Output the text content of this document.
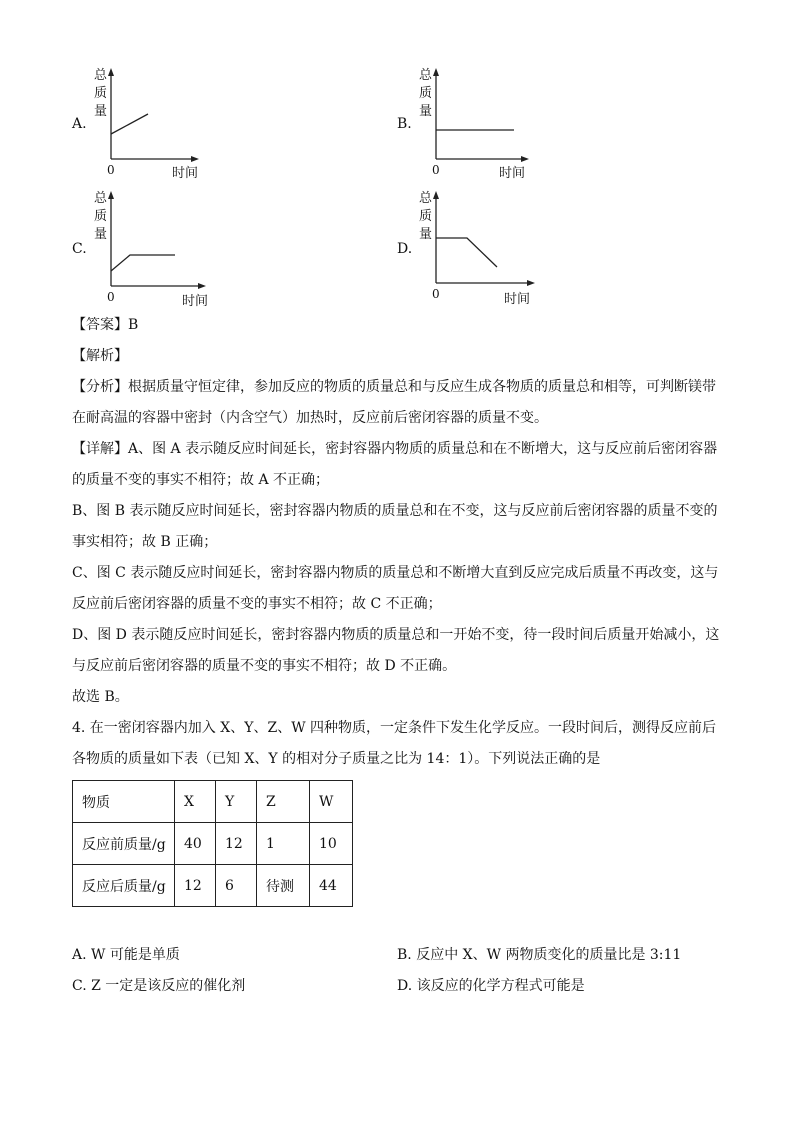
A.
总
质
量
0	时间
B.
总
质
量
0	时间
C.
总
质
量
0	时间
D.
总
质
量
0	时间
【答案】B
【解析】
【分析】根据质量守恒定律，参加反应的物质的质量总和与反应生成各物质的质量总和相等，可判断镁带
在耐高温的容器中密封（内含空气）加热时，反应前后密闭容器的质量不变。
【详解】A、图 A 表示随反应时间延长，密封容器内物质的质量总和在不断增大，这与反应前后密闭容器
的质量不变的事实不相符；故 A 不正确；
B、图 B 表示随反应时间延长，密封容器内物质的质量总和在不变，这与反应前后密闭容器的质量不变的
事实相符；故 B 正确；
C、图 C 表示随反应时间延长，密封容器内物质的质量总和不断增大直到反应完成后质量不再改变，这与
反应前后密闭容器的质量不变的事实不相符；故 C 不正确；
D、图 D 表示随反应时间延长，密封容器内物质的质量总和一开始不变，待一段时间后质量开始减小，这
与反应前后密闭容器的质量不变的事实不相符；故 D 不正确。
故选 B。
4. 在一密闭容器内加入 X、Y、Z、W 四种物质，一定条件下发生化学反应。一段时间后，测得反应前后
各物质的质量如下表（已知 X、Y 的相对分子质量之比为 14：1）。下列说法正确的是
物质	X	Y	Z	W
反应前质量/g	40	12	1	10
反应后质量/g	12	6	待测	44
A. W 可能是单质	B. 反应中 X、W 两物质变化的质量比是 3:11
C. Z 一定是该反应的催化剂	D. 该反应的化学方程式可能是
